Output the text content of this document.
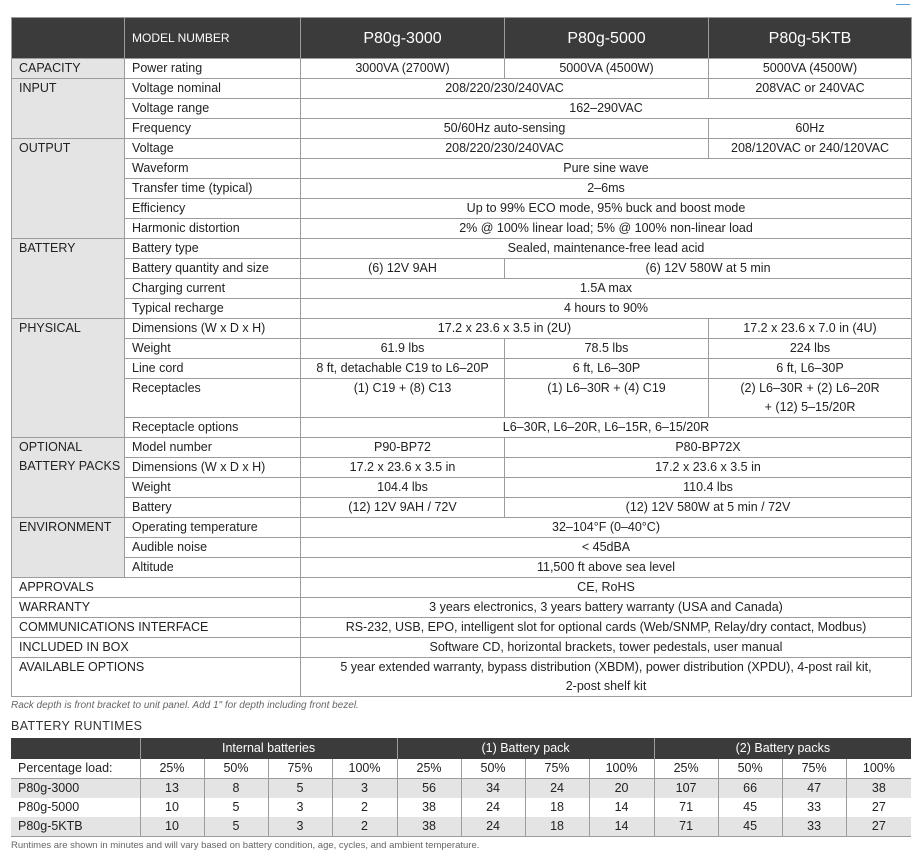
	MODEL NUMBER	P80g-3000	P80g-5000	P80g-5KTB
CAPACITY	Power rating	3000VA (2700W)	5000VA (4500W)	5000VA (4500W)
INPUT	Voltage nominal	208/220/230/240VAC		208VAC or 240VAC
	Voltage range	162–290VAC		
	Frequency	50/60Hz auto-sensing		60Hz
OUTPUT	Voltage	208/220/230/240VAC		208/120VAC or 240/120VAC
	Waveform	Pure sine wave		
	Transfer time (typical)	2–6ms		
	Efficiency	Up to 99% ECO mode, 95% buck and boost mode		
	Harmonic distortion	2% @ 100% linear load; 5% @ 100% non-linear load		
BATTERY	Battery type	Sealed, maintenance-free lead acid		
	Battery quantity and size	(6) 12V 9AH	(6) 12V 580W at 5 min	
	Charging current	1.5A max		
	Typical recharge	4 hours to 90%		
PHYSICAL	Dimensions (W x D x H)	17.2 x 23.6 x 3.5 in (2U)		17.2 x 23.6 x 7.0 in (4U)
	Weight	61.9 lbs	78.5 lbs	224 lbs
	Line cord	8 ft, detachable C19 to L6–20P	6 ft, L6–30P	6 ft, L6–30P
	Receptacles	(1) C19 + (8) C13	(1) L6–30R + (4) C19	(2) L6–30R + (2) L6–20R
+ (12) 5–15/20R

	Receptacle options	L6–30R, L6–20R, L6–15R, 6–15/20R		

OPTIONAL
BATTERY PACKS	Model number	P90-BP72	P80-BP72X	
	Dimensions (W x D x H)	17.2 x 23.6 x 3.5 in	17.2 x 23.6 x 3.5 in	
	Weight	104.4 lbs	110.4 lbs	
	Battery	(12) 12V 9AH / 72V	(12) 12V 580W at 5 min / 72V	
ENVIRONMENT	Operating temperature	32–104°F (0–40°C)		
	Audible noise	< 45dBA		
	Altitude	11,500 ft above sea level		
APPROVALS		CE, RoHS		
WARRANTY		3 years electronics, 3 years battery warranty (USA and Canada)		
COMMUNICATIONS INTERFACE		RS-232, USB, EPO, intelligent slot for optional cards (Web/SNMP, Relay/dry contact, Modbus)		
INCLUDED IN BOX		Software CD, horizontal brackets, tower pedestals, user manual		
AVAILABLE OPTIONS		5 year extended warranty, bypass distribution (XBDM), power distribution (XPDU), 4-post rail kit,
2-post shelf kit		
Rack depth is front bracket to unit panel. Add 1" for depth including front bezel.
BATTERY RUNTIMES
	Internal batteries				(1) Battery pack				(2) Battery packs			
Percentage load:	25%	50%	75%	100%	25%	50%	75%	100%	25%	50%	75%	100%
P80g-3000	13	8	5	3	56	34	24	20	107	66	47	38
P80g-5000	10	5	3	2	38	24	18	14	71	45	33	27
P80g-5KTB	10	5	3	2	38	24	18	14	71	45	33	27
Runtimes are shown in minutes and will vary based on battery condition, age, cycles, and ambient temperature.
